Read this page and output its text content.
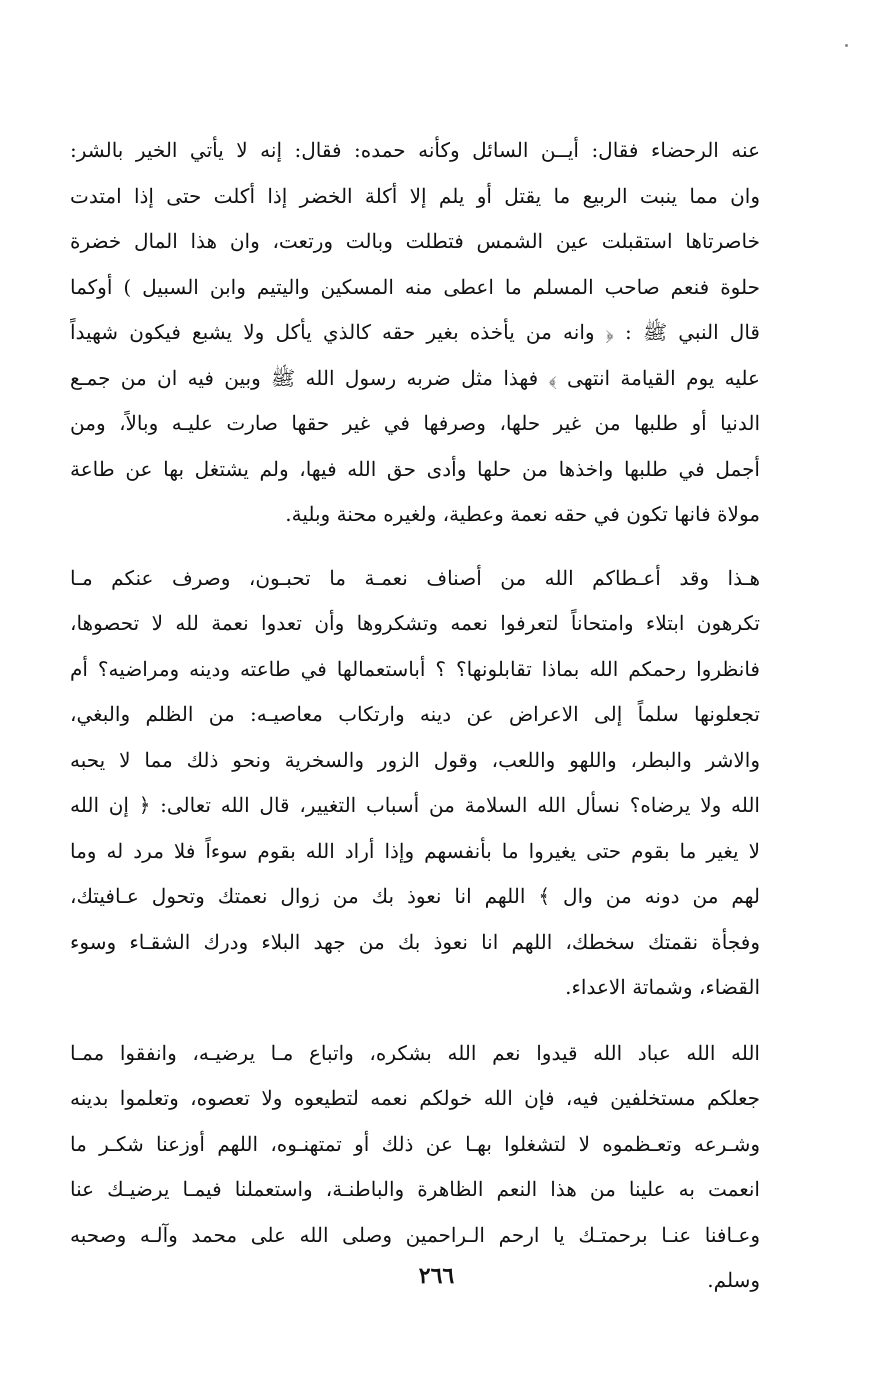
عنه الرحضاء فقال: أيــن السائل وكأنه حمده: فقال: إنه لا يأتي الخير بالشر:
وان مما ينبت الربيع ما يقتل أو يلم إلا أكلة الخضر إذا أكلت حتى إذا امتدت
خاصرتاها استقبلت عين الشمس فتطلت وبالت ورتعت، وان هذا المال خضرة
حلوة فنعم صاحب المسلم ما اعطى منه المسكين واليتيم وابن السبيل ) أوكما
قال النبي ﷺ : ﴿ وانه من يأخذه بغير حقه كالذي يأكل ولا يشبع فيكون شهيداً
عليه يوم القيامة انتهى ﴾ فهذا مثل ضربه رسول الله ﷺ وبين فيه ان من جمـع
الدنيا أو طلبها من غير حلها، وصرفها في غير حقها صارت عليـه وبالاً، ومن
أجمل في طلبها واخذها من حلها وأدى حق الله فيها، ولم يشتغل بها عن طاعة
مولاة فانها تكون في حقه نعمة وعطية، ولغيره محنة وبلية.
هـذا وقد أعـطاكم الله من أصناف نعمـة ما تحبـون، وصرف عنكم مـا
تكرهون ابتلاء وامتحاناً لتعرفوا نعمه وتشكروها وأن تعدوا نعمة لله لا تحصوها،
فانظروا رحمكم الله بماذا تقابلونها؟ ؟ أباستعمالها في طاعته ودينه ومراضيه؟ أم
تجعلونها سلماً إلى الاعراض عن دينه وارتكاب معاصيـه: من الظلم والبغي،
والاشر والبطر، واللهو واللعب، وقول الزور والسخرية ونحو ذلك مما لا يحبه
الله ولا يرضاه؟ نسأل الله السلامة من أسباب التغيير، قال الله تعالى: ﴿ إن الله
لا يغير ما بقوم حتى يغيروا ما بأنفسهم وإذا أراد الله بقوم سوءاً فلا مرد له وما
لهم من دونه من وال ﴾ اللهم انا نعوذ بك من زوال نعمتك وتحول عـافيتك،
وفجأة نقمتك سخطك، اللهم انا نعوذ بك من جهد البلاء ودرك الشقـاء وسوء
القضاء، وشماتة الاعداء.
الله الله عباد الله قيدوا نعم الله بشكره، واتباع مـا يرضيـه، وانفقوا ممـا
جعلكم مستخلفين فيه، فإن الله خولكم نعمه لتطيعوه ولا تعصوه، وتعلموا بدينه
وشـرعه وتعـظموه لا لتشغلوا بهـا عن ذلك أو تمتهنـوه، اللهم أوزعنا شكـر ما
انعمت به علينا من هذا النعم الظاهرة والباطنـة، واستعملنا فيمـا يرضيـك عنا
وعـافنا عنـا برحمتـك يا ارحم الـراحمين وصلى الله على محمد وآلـه وصحبه
وسلم.
٢٦٦
